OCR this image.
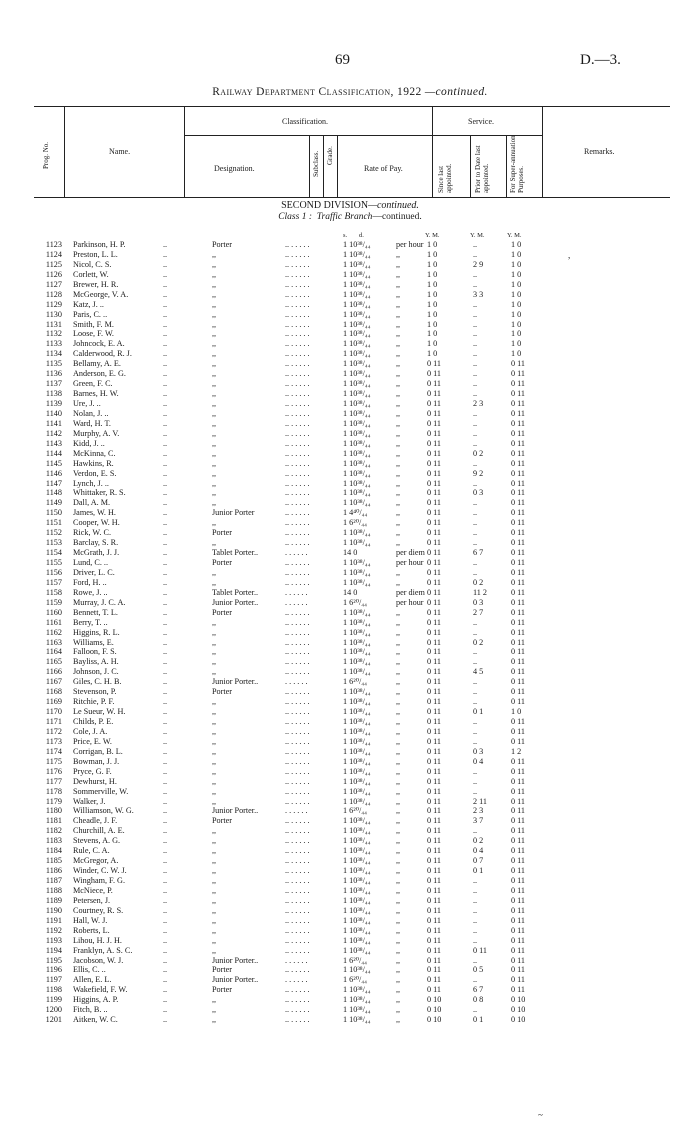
69	D.—3.
Railway Department Classification, 1922 —continued.
Prog. No.	Name.
Classification.
Designation.	Subclass. Grade.
Rate of Pay.
Service.
Since last appointed.	Prior to Date last appointed.	For Super-annuation Purposes.
Remarks.
SECOND DIVISION—continued.
Class 1 : Traffic Branch—continued.
s. d.	Y. M.	Y. M.	Y. M.
,
~
1123 Parkinson, H. P.	..	Porter	.. . . . . .	1 10³⁸/₄₄	per hour 1 0	..	1 0
1124 Preston, L. L.	..	,,	.. . . . . .	1 10³⁸/₄₄	,,	1 0	..	1 0
1125 Nicol, C. S.	..	,,	.. . . . . .	1 10³⁸/₄₄	,,	1 0	2 9	1 0
1126 Corlett, W.	..	,,	.. . . . . .	1 10³⁸/₄₄	,,	1 0	..	1 0
1127 Brewer, H. R.	..	,,	.. . . . . .	1 10³⁸/₄₄	,,	1 0	..	1 0
1128 McGeorge, V. A.	..	,,	.. . . . . .	1 10³⁸/₄₄	,,	1 0	3 3	1 0
1129 Katz, J. ..	..	,,	.. . . . . .	1 10³⁸/₄₄	,,	1 0	..	1 0
1130 Paris, C. ..	..	,,	.. . . . . .	1 10³⁸/₄₄	,,	1 0	..	1 0
1131 Smith, F. M.	..	,,	.. . . . . .	1 10³⁸/₄₄	,,	1 0	..	1 0
1132 Loose, F. W.	..	,,	.. . . . . .	1 10³⁸/₄₄	,,	1 0	..	1 0
1133 Johncock, E. A.	..	,,	.. . . . . .	1 10³⁸/₄₄	,,	1 0	..	1 0
1134 Calderwood, R. J.	..	,,	.. . . . . .	1 10³⁸/₄₄	,,	1 0	..	1 0
1135 Bellamy, A. E.	..	,,	.. . . . . .	1 10³⁸/₄₄	,,	0 11	..	0 11
1136 Anderson, E. G.	..	,,	.. . . . . .	1 10³⁸/₄₄	,,	0 11	..	0 11
1137 Green, F. C.	..	,,	.. . . . . .	1 10³⁸/₄₄	,,	0 11	..	0 11
1138 Barnes, H. W.	..	,,	.. . . . . .	1 10³⁸/₄₄	,,	0 11	..	0 11
1139 Ure, J. ..	..	,,	.. . . . . .	1 10³⁸/₄₄	,,	0 11	2 3	0 11
1140 Nolan, J. ..	..	,,	.. . . . . .	1 10³⁸/₄₄	,,	0 11	..	0 11
1141 Ward, H. T.	..	,,	.. . . . . .	1 10³⁸/₄₄	,,	0 11	..	0 11
1142 Murphy, A. V.	..	,,	.. . . . . .	1 10³⁸/₄₄	,,	0 11	..	0 11
1143 Kidd, J. ..	..	,,	.. . . . . .	1 10³⁸/₄₄	,,	0 11	..	0 11
1144 McKinna, C.	..	,,	.. . . . . .	1 10³⁸/₄₄	,,	0 11	0 2	0 11
1145 Hawkins, R.	..	,,	.. . . . . .	1 10³⁸/₄₄	,,	0 11	..	0 11
1146 Verdon, E. S.	..	,,	.. . . . . .	1 10³⁸/₄₄	,,	0 11	9 2	0 11
1147 Lynch, J. ..	..	,,	.. . . . . .	1 10³⁸/₄₄	,,	0 11	..	0 11
1148 Whittaker, R. S.	..	,,	.. . . . . .	1 10³⁸/₄₄	,,	0 11	0 3	0 11
1149 Dall, A. M.	..	,,	.. . . . . .	1 10³⁸/₄₄	,,	0 11	..	0 11
1150 James, W. H.	..	Junior Porter	.. . . . . .	1 4⁴⁰/₄₄	,,	0 11	..	0 11
1151 Cooper, W. H.	..	,,	.. . . . . .	1 6²⁰/₄₄	,,	0 11	..	0 11
1152 Rick, W. C.	..	Porter	.. . . . . .	1 10³⁸/₄₄	,,	0 11	..	0 11
1153 Barclay, S. R.	..	,,	.. . . . . .	1 10³⁸/₄₄	,,	0 11	..	0 11
1154 McGrath, J. J.	..	Tablet Porter..	. . . . . .	14 0	per diem 0 11	6 7	0 11
1155 Lund, C. ..	..	Porter	.. . . . . .	1 10³⁸/₄₄	per hour 0 11	..	0 11
1156 Driver, L. C.	..	,,	.. . . . . .	1 10³⁸/₄₄	,,	0 11	..	0 11
1157 Ford, H. ..	..	,,	.. . . . . .	1 10³⁸/₄₄	,,	0 11	0 2	0 11
1158 Rowe, J. ..	..	Tablet Porter..	. . . . . .	14 0	per diem 0 11	11 2	0 11
1159 Murray, J. C. A.	..	Junior Porter..	. . . . . .	1 6²⁰/₄₄	per hour 0 11	0 3	0 11
1160 Bennett, T. L.	..	Porter	.. . . . . .	1 10³⁸/₄₄	,,	0 11	2 7	0 11
1161 Berry, T. ..	..	,,	.. . . . . .	1 10³⁸/₄₄	,,	0 11	..	0 11
1162 Higgins, R. L.	..	,,	.. . . . . .	1 10³⁸/₄₄	,,	0 11	..	0 11
1163 Williams, E.	..	,,	.. . . . . .	1 10³⁸/₄₄	,,	0 11	0 2	0 11
1164 Falloon, F. S.	..	,,	.. . . . . .	1 10³⁸/₄₄	,,	0 11	..	0 11
1165 Bayliss, A. H.	..	,,	.. . . . . .	1 10³⁸/₄₄	,,	0 11	..	0 11
1166 Johnson, J. C.	..	,,	.. . . . . .	1 10³⁸/₄₄	,,	0 11	4 5	0 11
1167 Giles, C. H. B.	..	Junior Porter..	. . . . . .	1 6²⁰/₄₄	,,	0 11	..	0 11
1168 Stevenson, P.	..	Porter	.. . . . . .	1 10³⁸/₄₄	,,	0 11	..	0 11
1169 Ritchie, P. F.	..	,,	.. . . . . .	1 10³⁸/₄₄	,,	0 11	..	0 11
1170 Le Sueur, W. H.	..	,,	.. . . . . .	1 10³⁸/₄₄	,,	0 11	0 1	1 0
1171 Childs, P. E.	..	,,	.. . . . . .	1 10³⁸/₄₄	,,	0 11	..	0 11
1172 Cole, J. A.	..	,,	.. . . . . .	1 10³⁸/₄₄	,,	0 11	..	0 11
1173 Price, E. W.	..	,,	.. . . . . .	1 10³⁸/₄₄	,,	0 11	..	0 11
1174 Corrigan, B. L.	..	,,	.. . . . . .	1 10³⁸/₄₄	,,	0 11	0 3	1 2
1175 Bowman, J. J.	..	,,	.. . . . . .	1 10³⁸/₄₄	,,	0 11	0 4	0 11
1176 Pryce, G. F.	..	,,	.. . . . . .	1 10³⁸/₄₄	,,	0 11	..	0 11
1177 Dewhurst, H.	..	,,	.. . . . . .	1 10³⁸/₄₄	,,	0 11	..	0 11
1178 Sommerville, W.	..	,,	.. . . . . .	1 10³⁸/₄₄	,,	0 11	..	0 11
1179 Walker, J.	..	,,	.. . . . . .	1 10³⁸/₄₄	,,	0 11	2 11	0 11
1180 Williamson, W. G.	..	Junior Porter..	. . . . . .	1 6²⁰/₄₄	,,	0 11	2 3	0 11
1181 Cheadle, J. F.	..	Porter	.. . . . . .	1 10³⁸/₄₄	,,	0 11	3 7	0 11
1182 Churchill, A. E.	..	,,	.. . . . . .	1 10³⁸/₄₄	,,	0 11	..	0 11
1183 Stevens, A. G.	..	,,	.. . . . . .	1 10³⁸/₄₄	,,	0 11	0 2	0 11
1184 Rule, C. A.	..	,,	.. . . . . .	1 10³⁸/₄₄	,,	0 11	0 4	0 11
1185 McGregor, A.	..	,,	.. . . . . .	1 10³⁸/₄₄	,,	0 11	0 7	0 11
1186 Winder, C. W. J.	..	,,	.. . . . . .	1 10³⁸/₄₄	,,	0 11	0 1	0 11
1187 Wingham, F. G.	..	,,	.. . . . . .	1 10³⁸/₄₄	,,	0 11	..	0 11
1188 McNiece, P.	..	,,	.. . . . . .	1 10³⁸/₄₄	,,	0 11	..	0 11
1189 Petersen, J.	..	,,	.. . . . . .	1 10³⁸/₄₄	,,	0 11	..	0 11
1190 Courtney, R. S.	..	,,	.. . . . . .	1 10³⁸/₄₄	,,	0 11	..	0 11
1191 Hall, W. J.	..	,,	.. . . . . .	1 10³⁸/₄₄	,,	0 11	..	0 11
1192 Roberts, L.	..	,,	.. . . . . .	1 10³⁸/₄₄	,,	0 11	..	0 11
1193 Lihou, H. J. H.	..	,,	.. . . . . .	1 10³⁸/₄₄	,,	0 11	..	0 11
1194 Franklyn, A. S. C.	..	,,	.. . . . . .	1 10³⁸/₄₄	,,	0 11	0 11	0 11
1195 Jacobson, W. J.	..	Junior Porter..	. . . . . .	1 6²⁰/₄₄	,,	0 11	..	0 11
1196 Ellis, C. ..	..	Porter	.. . . . . .	1 10³⁸/₄₄	,,	0 11	0 5	0 11
1197 Allen, E. L.	..	Junior Porter..	. . . . . .	1 6²⁰/₄₄	,,	0 11	..	0 11
1198 Wakefield, F. W.	..	Porter	.. . . . . .	1 10³⁸/₄₄	,,	0 11	6 7	0 11
1199 Higgins, A. P.	..	,,	.. . . . . .	1 10³⁸/₄₄	,,	0 10	0 8	0 10
1200 Fitch, B. ..	..	,,	.. . . . . .	1 10³⁸/₄₄	,,	0 10	..	0 10
1201 Aitken, W. C.	..	,,	.. . . . . .	1 10³⁸/₄₄	,,	0 10	0 1	0 10
